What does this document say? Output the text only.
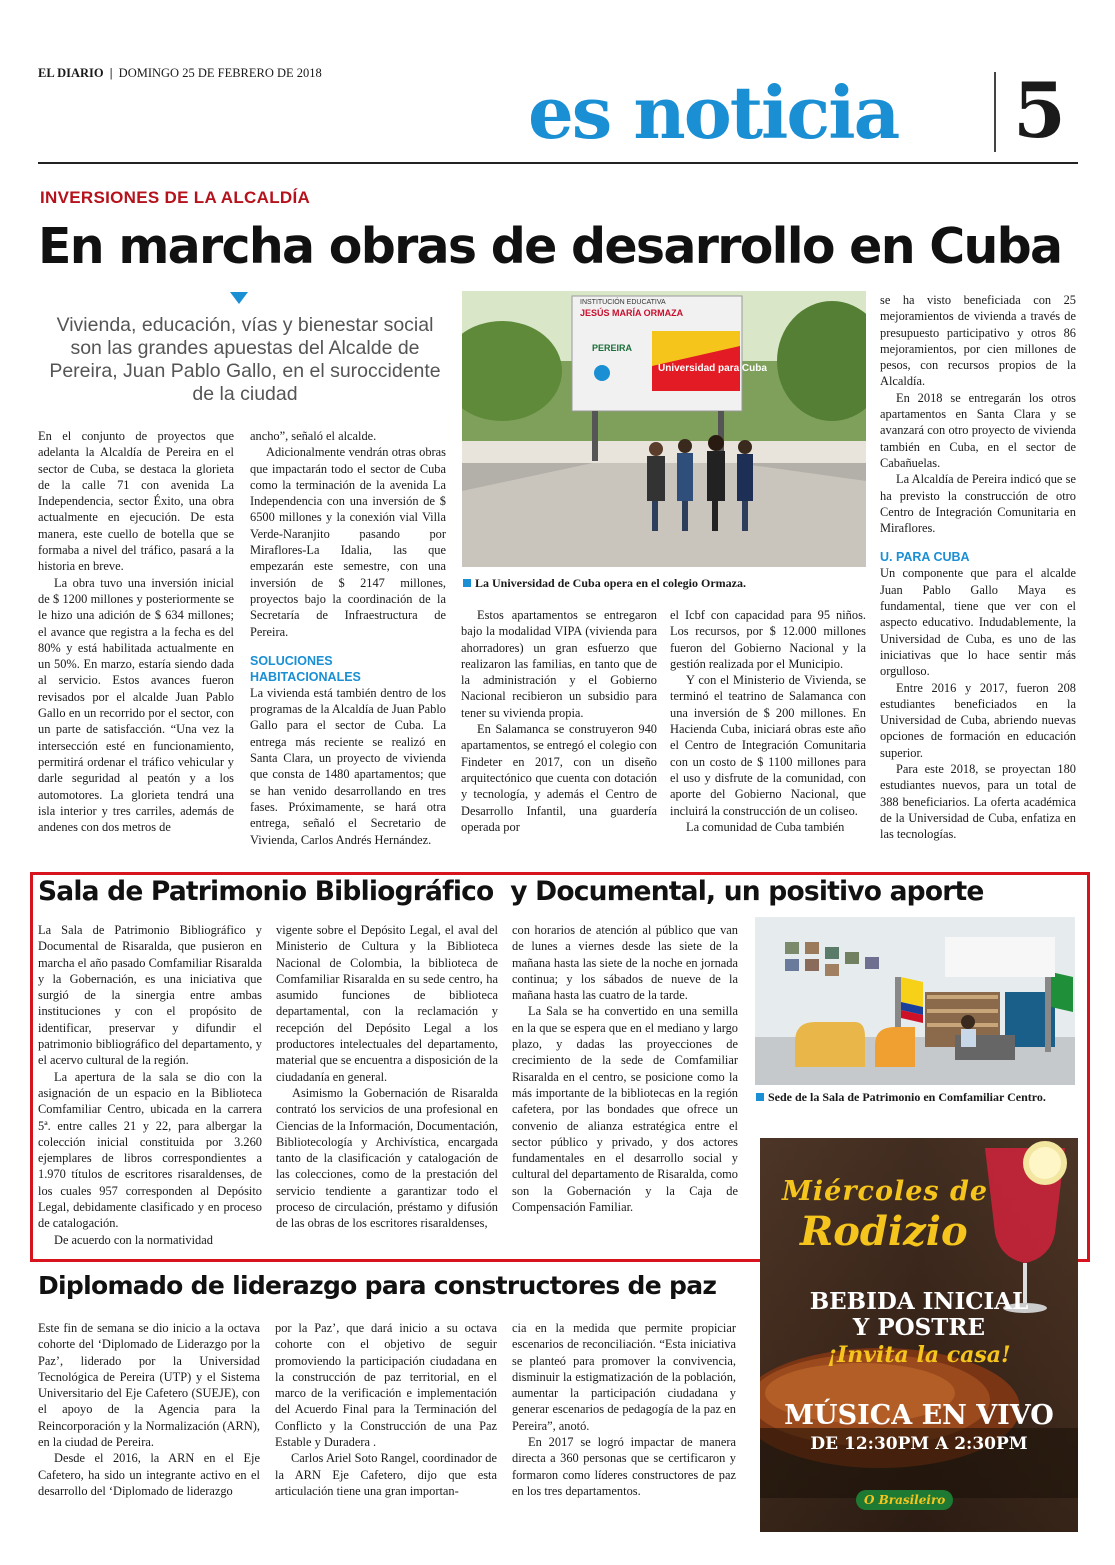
EL DIARIO | DOMINGO 25 DE FEBRERO DE 2018	es noticia 5
INVERSIONES DE LA ALCALDÍA
En marcha obras de desarrollo en Cuba
Vivienda, educación, vías y bienestar social son las grandes apuestas del Alcalde de Pereira, Juan Pablo Gallo, en el suroccidente de la ciudad

En el conjunto de proyectos que adelanta la Alcaldía de Pereira en el sector de Cuba, se destaca la glorieta de la calle 71 con avenida La Independencia, sector Éxito, una obra actualmente en ejecución. De esta manera, este cuello de botella que se formaba a nivel del tráfico, pasará a la historia en breve.

La obra tuvo una inversión inicial de $ 1200 millones y posteriormente se le hizo una adición de $ 634 millones; el avance que registra a la fecha es del 80% y está habilitada actualmente en un 50%. En marzo, estaría siendo dada al servicio. Estos avances fueron revisados por el alcalde Juan Pablo Gallo en un recorrido por el sector, con un parte de satisfacción. “Una vez la intersección esté en funcionamiento, permitirá ordenar el tráfico vehicular y darle seguridad al peatón y a los automotores. La glorieta tendrá una isla interior y tres carriles, además de andenes con dos metros de

ancho”, señaló el alcalde.

Adicionalmente vendrán otras obras que impactarán todo el sector de Cuba como la terminación de la avenida La Independencia con una inversión de $ 6500 millones y la conexión vial Villa Verde-Naranjito pasando por Miraflores-La Idalia, las que empezarán este semestre, con una inversión de $ 2147 millones, proyectos bajo la coordinación de la Secretaría de Infraestructura de Pereira.

SOLUCIONES HABITACIONALES

La vivienda está también dentro de los programas de la Alcaldía de Juan Pablo Gallo para el sector de Cuba. La entrega más reciente se realizó en Santa Clara, un proyecto de vivienda que consta de 1480 apartamentos; que se han venido desarrollando en tres fases. Próximamente, se hará otra entrega, señaló el Secretario de Vivienda, Carlos Andrés Hernández.

Universidad para Cuba
INSTITUCIÓN EDUCATIVA
JESÚS MARÍA ORMAZA
PEREIRA
La Universidad de Cuba opera en el colegio Ormaza.

Estos apartamentos se entregaron bajo la modalidad VIPA (vivienda para ahorradores) un gran esfuerzo que realizaron las familias, en tanto que de la administración y el Gobierno Nacional recibieron un subsidio para tener su vivienda propia.

En Salamanca se construyeron 940 apartamentos, se entregó el colegio con Findeter en 2017, con un diseño arquitectónico que cuenta con dotación y tecnología, y además el Centro de Desarrollo Infantil, una guardería operada por

el Icbf con capacidad para 95 niños. Los recursos, por $ 12.000 millones fueron del Gobierno Nacional y la gestión realizada por el Municipio.

Y con el Ministerio de Vivienda, se terminó el teatrino de Salamanca con una inversión de $ 200 millones. En Hacienda Cuba, iniciará obras este año el Centro de Integración Comunitaria con un costo de $ 1100 millones para el uso y disfrute de la comunidad, con aporte del Gobierno Nacional, que incluirá la construcción de un coliseo.

La comunidad de Cuba también

se ha visto beneficiada con 25 mejoramientos de vivienda a través de presupuesto participativo y otros 86 mejoramientos, por cien millones de pesos, con recursos propios de la Alcaldía.

En 2018 se entregarán los otros apartamentos en Santa Clara y se avanzará con otro proyecto de vivienda también en Cuba, en el sector de Cabañuelas.

La Alcaldía de Pereira indicó que se ha previsto la construcción de otro Centro de Integración Comunitaria en Miraflores.

U. PARA CUBA

Un componente que para el alcalde Juan Pablo Gallo Maya es fundamental, tiene que ver con el aspecto educativo. Indudablemente, la Universidad de Cuba, es uno de las iniciativas que lo hace sentir más orgulloso.

Entre 2016 y 2017, fueron 208 estudiantes beneficiados en la Universidad de Cuba, abriendo nuevas opciones de formación en educación superior.

Para este 2018, se proyectan 180 estudiantes nuevos, para un total de 388 beneficiarios. La oferta académica de la Universidad de Cuba, enfatiza en las tecnologías.

Sala de Patrimonio Bibliográfico  y Documental, un positivo aporte

La Sala de Patrimonio Bibliográfico y Documental de Risaralda, que pusieron en marcha el año pasado Comfamiliar Risaralda y la Gobernación, es una iniciativa que surgió de la sinergia entre ambas instituciones y con el propósito de identificar, preservar y difundir el patrimonio bibliográfico del departamento, y el acervo cultural de la región.

La apertura de la sala se dio con la asignación de un espacio en la Biblioteca Comfamiliar Centro, ubicada en la carrera 5ª. entre calles 21 y 22, para albergar la colección inicial constituida por 3.260 ejemplares de libros correspondientes a 1.970 títulos de escritores risaraldenses, de los cuales 957 corresponden al Depósito Legal, debidamente clasificado y en proceso de catalogación.

De acuerdo con la normatividad

vigente sobre el Depósito Legal, el aval del Ministerio de Cultura y la Biblioteca Nacional de Colombia, la biblioteca de Comfamiliar Risaralda en su sede centro, ha asumido funciones de biblioteca departamental, con la reclamación y recepción del Depósito Legal a los productores intelectuales del departamento, material que se encuentra a disposición de la ciudadanía en general.

Asimismo la Gobernación de Risaralda contrató los servicios de una profesional en Ciencias de la Información, Documentación, Bibliotecología y Archivística, encargada tanto de la clasificación y catalogación de las colecciones, como de la prestación del servicio tendiente a garantizar todo el proceso de circulación, préstamo y difusión de las obras de los escritores risaraldenses,

con horarios de atención al público que van de lunes a viernes desde las siete de la mañana hasta las siete de la noche en jornada continua; y los sábados de nueve de la mañana hasta las cuatro de la tarde.

La Sala se ha convertido en una semilla en la que se espera que en el mediano y largo plazo, y dadas las proyecciones de crecimiento de la sede de Comfamiliar Risaralda en el centro, se posicione como la más importante de la bibliotecas en la región cafetera, por las bondades que ofrece un convenio de alianza estratégica entre el sector público y privado, y dos actores fundamentales en el desarrollo social y cultural del departamento de Risaralda, como son la Gobernación y la Caja de Compensación Familiar.

Sede de la Sala de Patrimonio en Comfamiliar Centro.
Diplomado de liderazgo para constructores de paz

Este fin de semana se dio inicio a la octava cohorte del ‘Diplomado de Liderazgo por la Paz’, liderado por la Universidad Tecnológica de Pereira (UTP) y el Sistema Universitario del Eje Cafetero (SUEJE), con el apoyo de la Agencia para la Reincorporación y la Normalización (ARN), en la ciudad de Pereira.

Desde el 2016, la ARN en el Eje Cafetero, ha sido un integrante activo en el desarrollo del ‘Diplomado de liderazgo

por la Paz’, que dará inicio a su octava cohorte con el objetivo de seguir promoviendo la participación ciudadana en la construcción de paz territorial, en el marco de la verificación e implementación del Acuerdo Final para la Terminación del Conflicto y la Construcción de una Paz Estable y Duradera .

Carlos Ariel Soto Rangel, coordinador de la ARN Eje Cafetero, dijo que esta articulación tiene una gran importan-

cia en la medida que permite propiciar escenarios de reconciliación. “Esta iniciativa se planteó para promover la convivencia, disminuir la estigmatización de la población, aumentar la participación ciudadana y generar escenarios de pedagogía de la paz en Pereira”, anotó.

En 2017 se logró impactar de manera directa a 360 personas que se certificaron y formaron como líderes constructores de paz en los tres departamentos.

Miércoles de
Rodizio
BEBIDA INICIAL
Y POSTRE
¡Invita la casa!
MÚSICA EN VIVO
DE 12:30PM A 2:30PM
O Brasileiro
